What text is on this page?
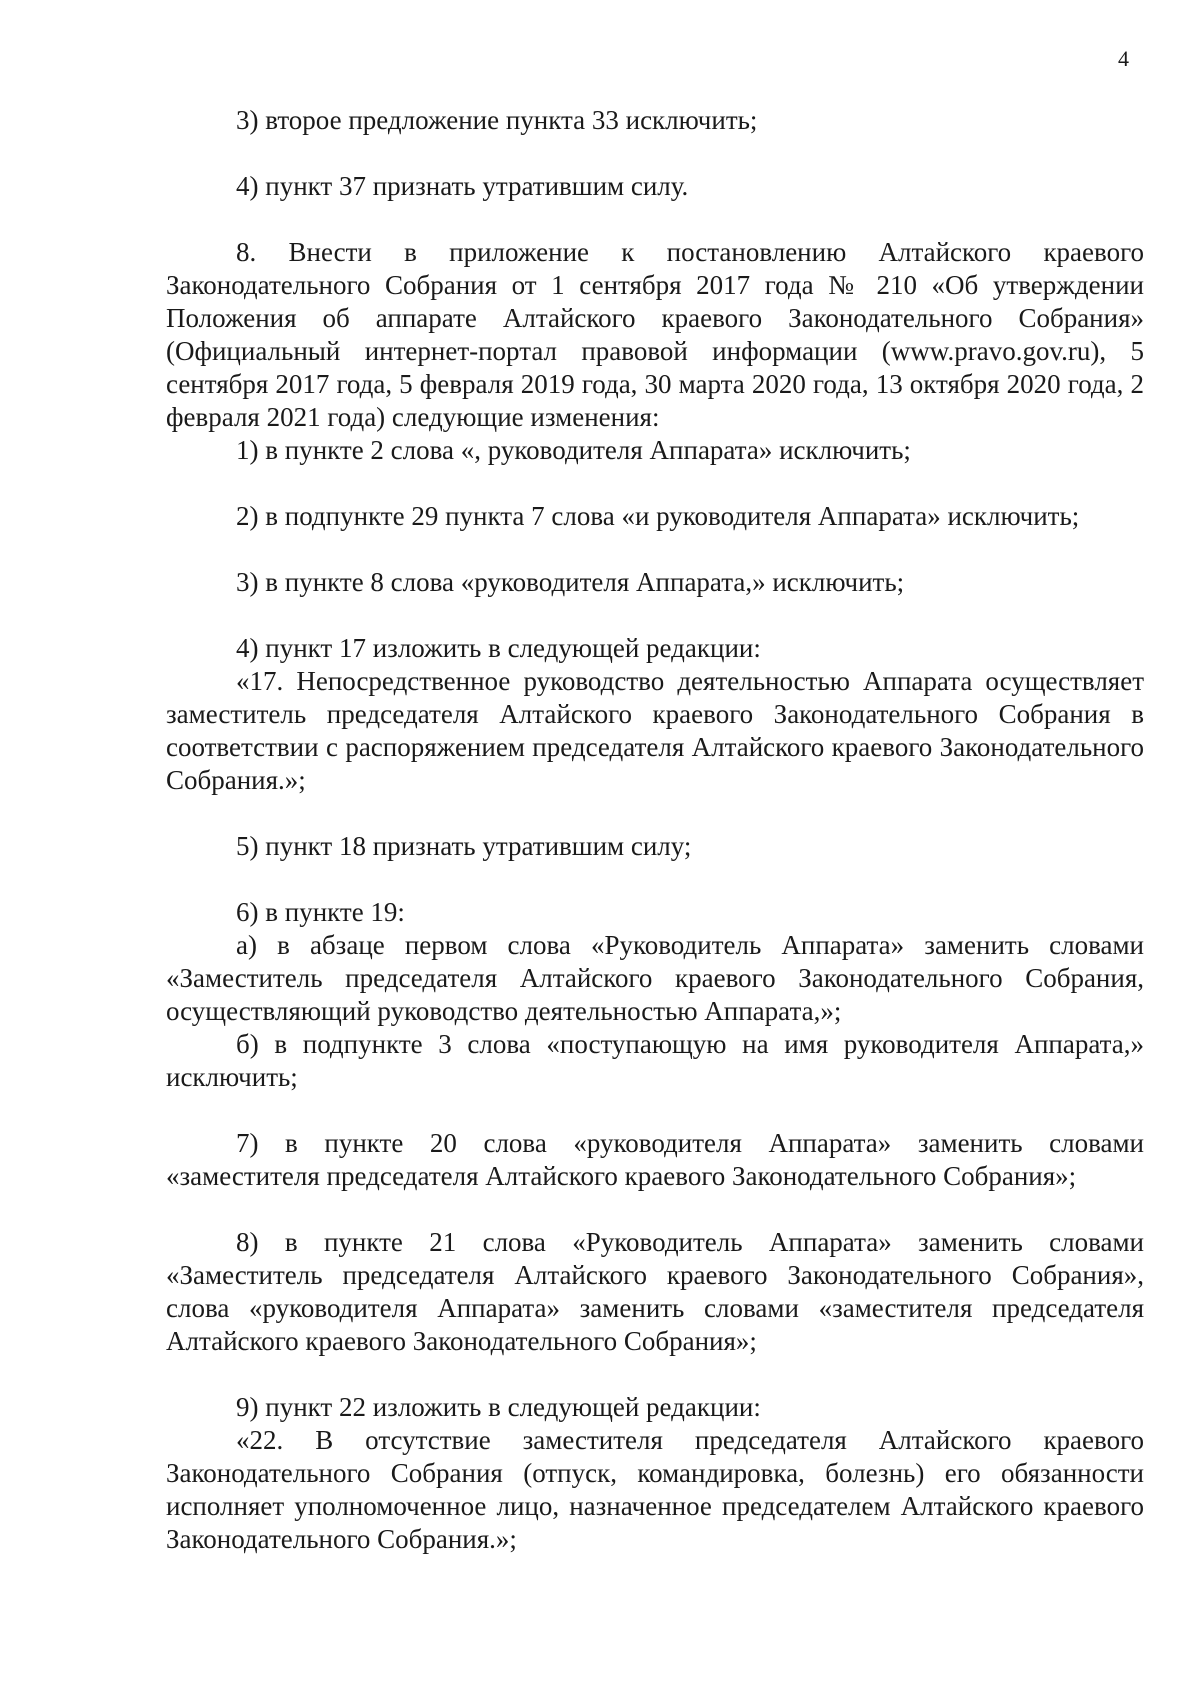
4

3) второе предложение пункта 33 исключить;

4) пункт 37 признать утратившим силу.

8. Внести в приложение к постановлению Алтайского краевого Законодательного Собрания от 1 сентября 2017 года № 210 «Об утверждении Положения об аппарате Алтайского краевого Законодательного Собрания» (Официальный интернет-портал правовой информации (www.pravo.gov.ru), 5 сентября 2017 года, 5 февраля 2019 года, 30 марта 2020 года, 13 октября 2020 года, 2 февраля 2021 года) следующие изменения:

1) в пункте 2 слова «, руководителя Аппарата» исключить;

2) в подпункте 29 пункта 7 слова «и руководителя Аппарата» исключить;

3) в пункте 8 слова «руководителя Аппарата,» исключить;

4) пункт 17 изложить в следующей редакции:

«17. Непосредственное руководство деятельностью Аппарата осуществляет заместитель председателя Алтайского краевого Законодательного Собрания в соответствии с распоряжением председателя Алтайского краевого Законодательного Собрания.»;

5) пункт 18 признать утратившим силу;

6) в пункте 19:

а) в абзаце первом слова «Руководитель Аппарата» заменить словами «Заместитель председателя Алтайского краевого Законодательного Собрания, осуществляющий руководство деятельностью Аппарата,»;

б) в подпункте 3 слова «поступающую на имя руководителя Аппарата,» исключить;

7) в пункте 20 слова «руководителя Аппарата» заменить словами «заместителя председателя Алтайского краевого Законодательного Собрания»;

8) в пункте 21 слова «Руководитель Аппарата» заменить словами «Заместитель председателя Алтайского краевого Законодательного Собрания», слова «руководителя Аппарата» заменить словами «заместителя председателя Алтайского краевого Законодательного Собрания»;

9) пункт 22 изложить в следующей редакции:

«22. В отсутствие заместителя председателя Алтайского краевого Законодательного Собрания (отпуск, командировка, болезнь) его обязанности исполняет уполномоченное лицо, назначенное председателем Алтайского краевого Законодательного Собрания.»;
